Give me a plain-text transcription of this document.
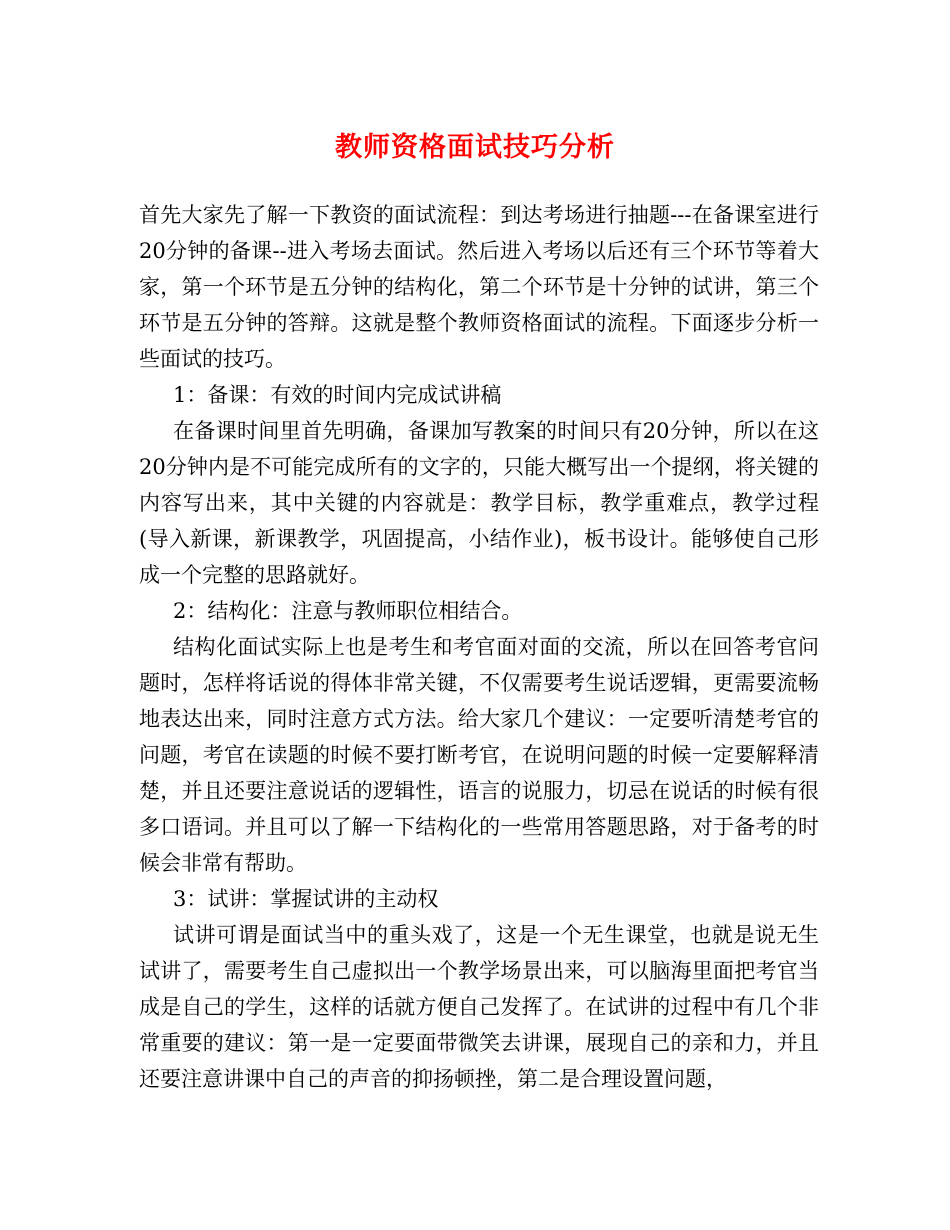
教师资格面试技巧分析

首先大家先了解一下教资的面试流程：到达考场进行抽题---在备课室进行20分钟的备课--进入考场去面试。然后进入考场以后还有三个环节等着大家，第一个环节是五分钟的结构化，第二个环节是十分钟的试讲，第三个环节是五分钟的答辩。这就是整个教师资格面试的流程。下面逐步分析一些面试的技巧。

1：备课：有效的时间内完成试讲稿

在备课时间里首先明确，备课加写教案的时间只有20分钟，所以在这20分钟内是不可能完成所有的文字的，只能大概写出一个提纲，将关键的内容写出来，其中关键的内容就是：教学目标，教学重难点，教学过程(导入新课，新课教学，巩固提高，小结作业)，板书设计。能够使自己形成一个完整的思路就好。

2：结构化：注意与教师职位相结合。

结构化面试实际上也是考生和考官面对面的交流，所以在回答考官问题时，怎样将话说的得体非常关键，不仅需要考生说话逻辑，更需要流畅地表达出来，同时注意方式方法。给大家几个建议：一定要听清楚考官的问题，考官在读题的时候不要打断考官，在说明问题的时候一定要解释清楚，并且还要注意说话的逻辑性，语言的说服力，切忌在说话的时候有很多口语词。并且可以了解一下结构化的一些常用答题思路，对于备考的时候会非常有帮助。

3：试讲：掌握试讲的主动权

试讲可谓是面试当中的重头戏了，这是一个无生课堂，也就是说无生试讲了，需要考生自己虚拟出一个教学场景出来，可以脑海里面把考官当成是自己的学生，这样的话就方便自己发挥了。在试讲的过程中有几个非常重要的建议：第一是一定要面带微笑去讲课，展现自己的亲和力，并且还要注意讲课中自己的声音的抑扬顿挫，第二是合理设置问题，
